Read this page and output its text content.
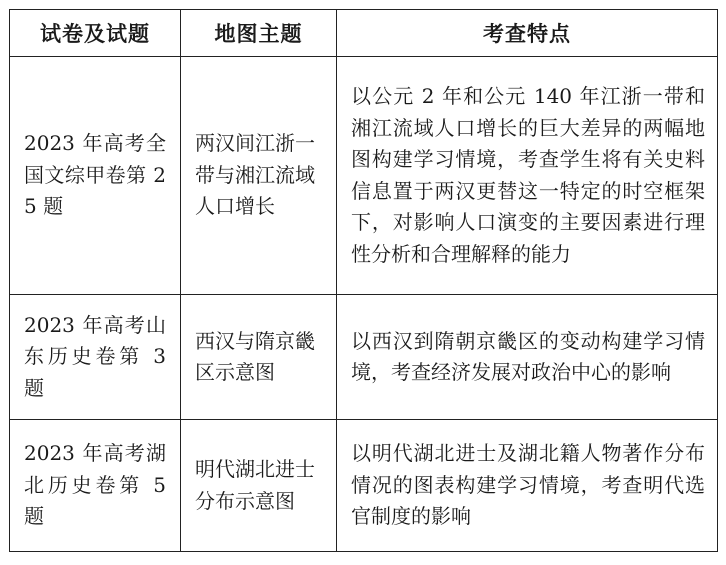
试卷及试题	地图主题	考查特点

2023 年高考全国文综甲卷第 25 题	两汉间江浙一带与湘江流域人口增长	以公元 2 年和公元 140 年江浙一带和湘江流域人口增长的巨大差异的两幅地图构建学习情境，考查学生将有关史料信息置于两汉更替这一特定的时空框架下，对影响人口演变的主要因素进行理性分析和合理解释的能力

2023 年高考山东历史卷第 3 题	西汉与隋京畿区示意图	以西汉到隋朝京畿区的变动构建学习情境，考查经济发展对政治中心的影响

2023 年高考湖北历史卷第 5 题	明代湖北进士分布示意图	以明代湖北进士及湖北籍人物著作分布情况的图表构建学习情境，考查明代选官制度的影响
